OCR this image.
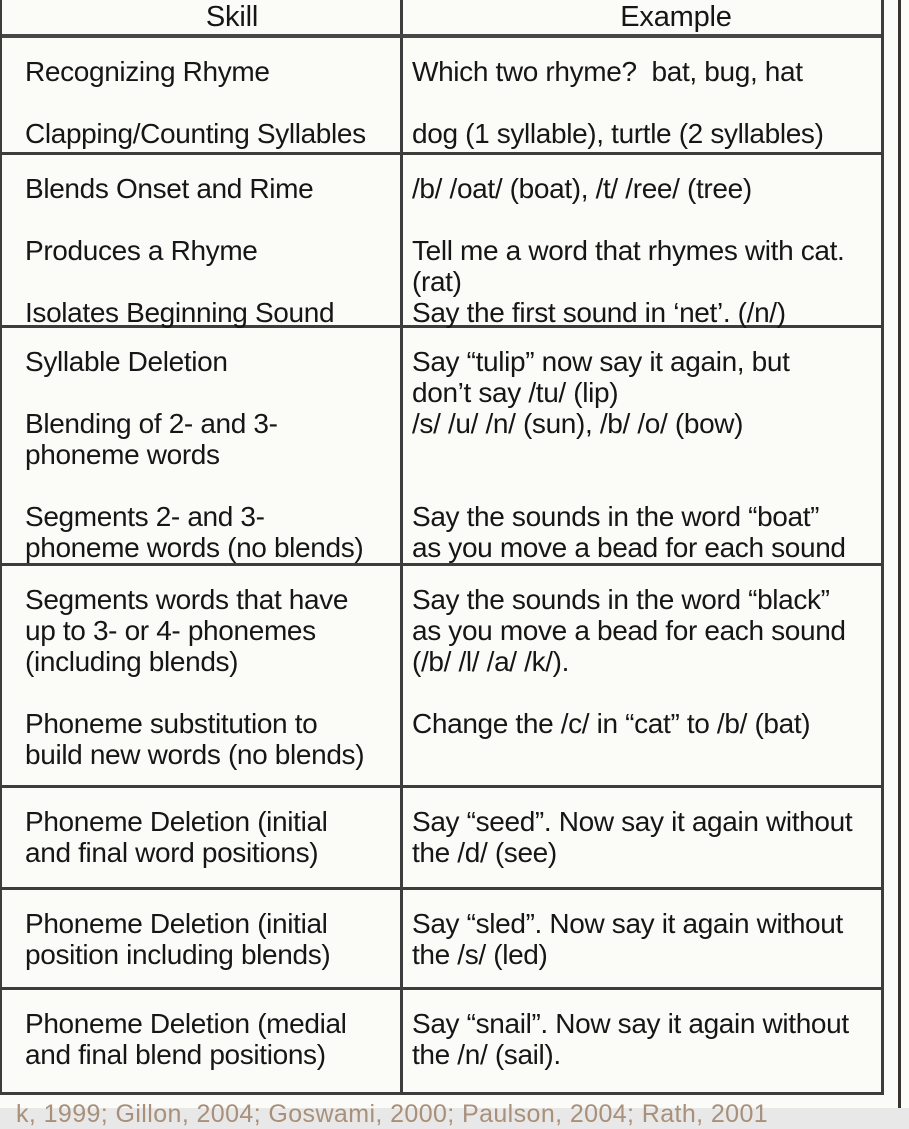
Skill	Example
Recognizing Rhyme

Clapping/Counting Syllables
Which two rhyme?  bat, bug, hat

dog (1 syllable), turtle (2 syllables)
Blends Onset and Rime

Produces a Rhyme

Isolates Beginning Sound
/b/ /oat/ (boat), /t/ /ree/ (tree)

Tell me a word that rhymes with cat.
(rat)
Say the first sound in ‘net’. (/n/)
Syllable Deletion

Blending of 2- and 3-
phoneme words

Segments 2- and 3-
phoneme words (no blends)
Say “tulip” now say it again, but
don’t say /tu/ (lip)
/s/ /u/ /n/ (sun), /b/ /o/ (bow)

Say the sounds in the word “boat”
as you move a bead for each sound
Segments words that have
up to 3- or 4- phonemes
(including blends)

Phoneme substitution to
build new words (no blends)
Say the sounds in the word “black”
as you move a bead for each sound
(/b/ /l/ /a/ /k/).

Change the /c/ in “cat” to /b/ (bat)
Phoneme Deletion (initial
and final word positions)
Say “seed”. Now say it again without
the /d/ (see)
Phoneme Deletion (initial
position including blends)
Say “sled”. Now say it again without
the /s/ (led)
Phoneme Deletion (medial
and final blend positions)
Say “snail”. Now say it again without
the /n/ (sail).
k, 1999; Gillon, 2004; Goswami, 2000; Paulson, 2004; Rath, 2001
